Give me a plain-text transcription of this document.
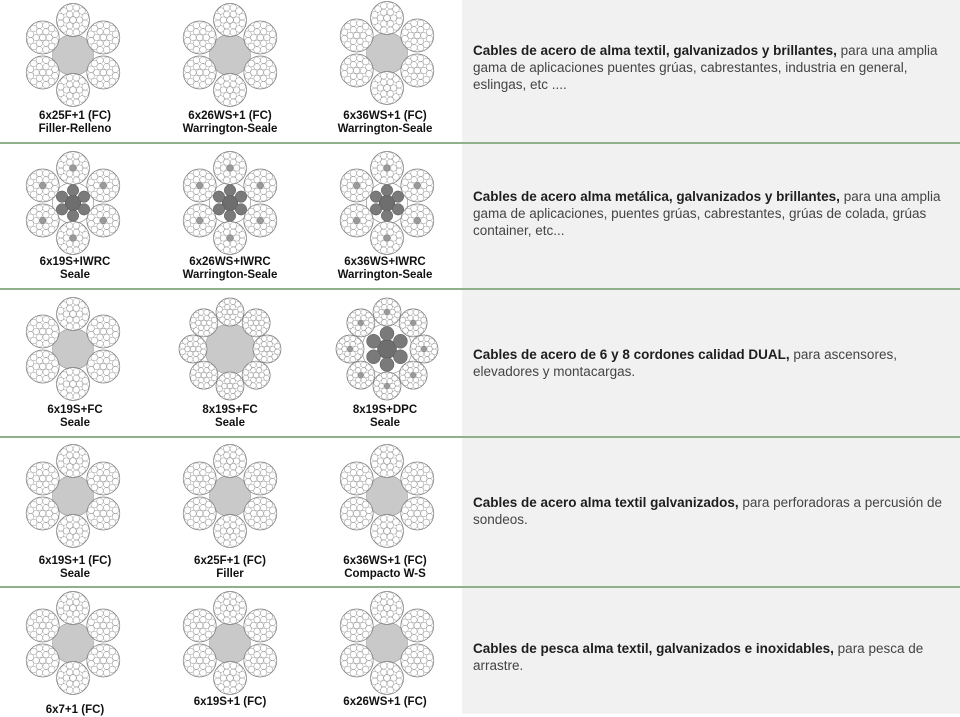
6x25F+1 (FC)
Filler-Relleno
6x26WS+1 (FC)
Warrington-Seale
6x36WS+1 (FC)
Warrington-Seale
Cables de acero de alma textil, galvanizados y brillantes, para una amplia gama de aplicaciones puentes grúas, cabrestantes, industria en general, eslingas, etc ....
6x19S+IWRC
Seale
6x26WS+IWRC
Warrington-Seale
6x36WS+IWRC
Warrington-Seale
Cables de acero alma metálica, galvanizados y brillantes, para una amplia gama de aplicaciones, puentes grúas, cabrestantes, grúas de colada, grúas container, etc...
6x19S+FC
Seale
8x19S+FC
Seale
8x19S+DPC
Seale
Cables de acero de 6 y 8 cordones calidad DUAL, para ascensores, elevadores y montacargas.
6x19S+1 (FC)
Seale
6x25F+1 (FC)
Filler
6x36WS+1 (FC)
Compacto W-S
Cables de acero alma textil galvanizados, para perforadoras a percusión de sondeos.
6x7+1 (FC)
6x19S+1 (FC)	6x26WS+1 (FC)
Cables de pesca alma textil, galvanizados e inoxidables, para pesca de arrastre.
